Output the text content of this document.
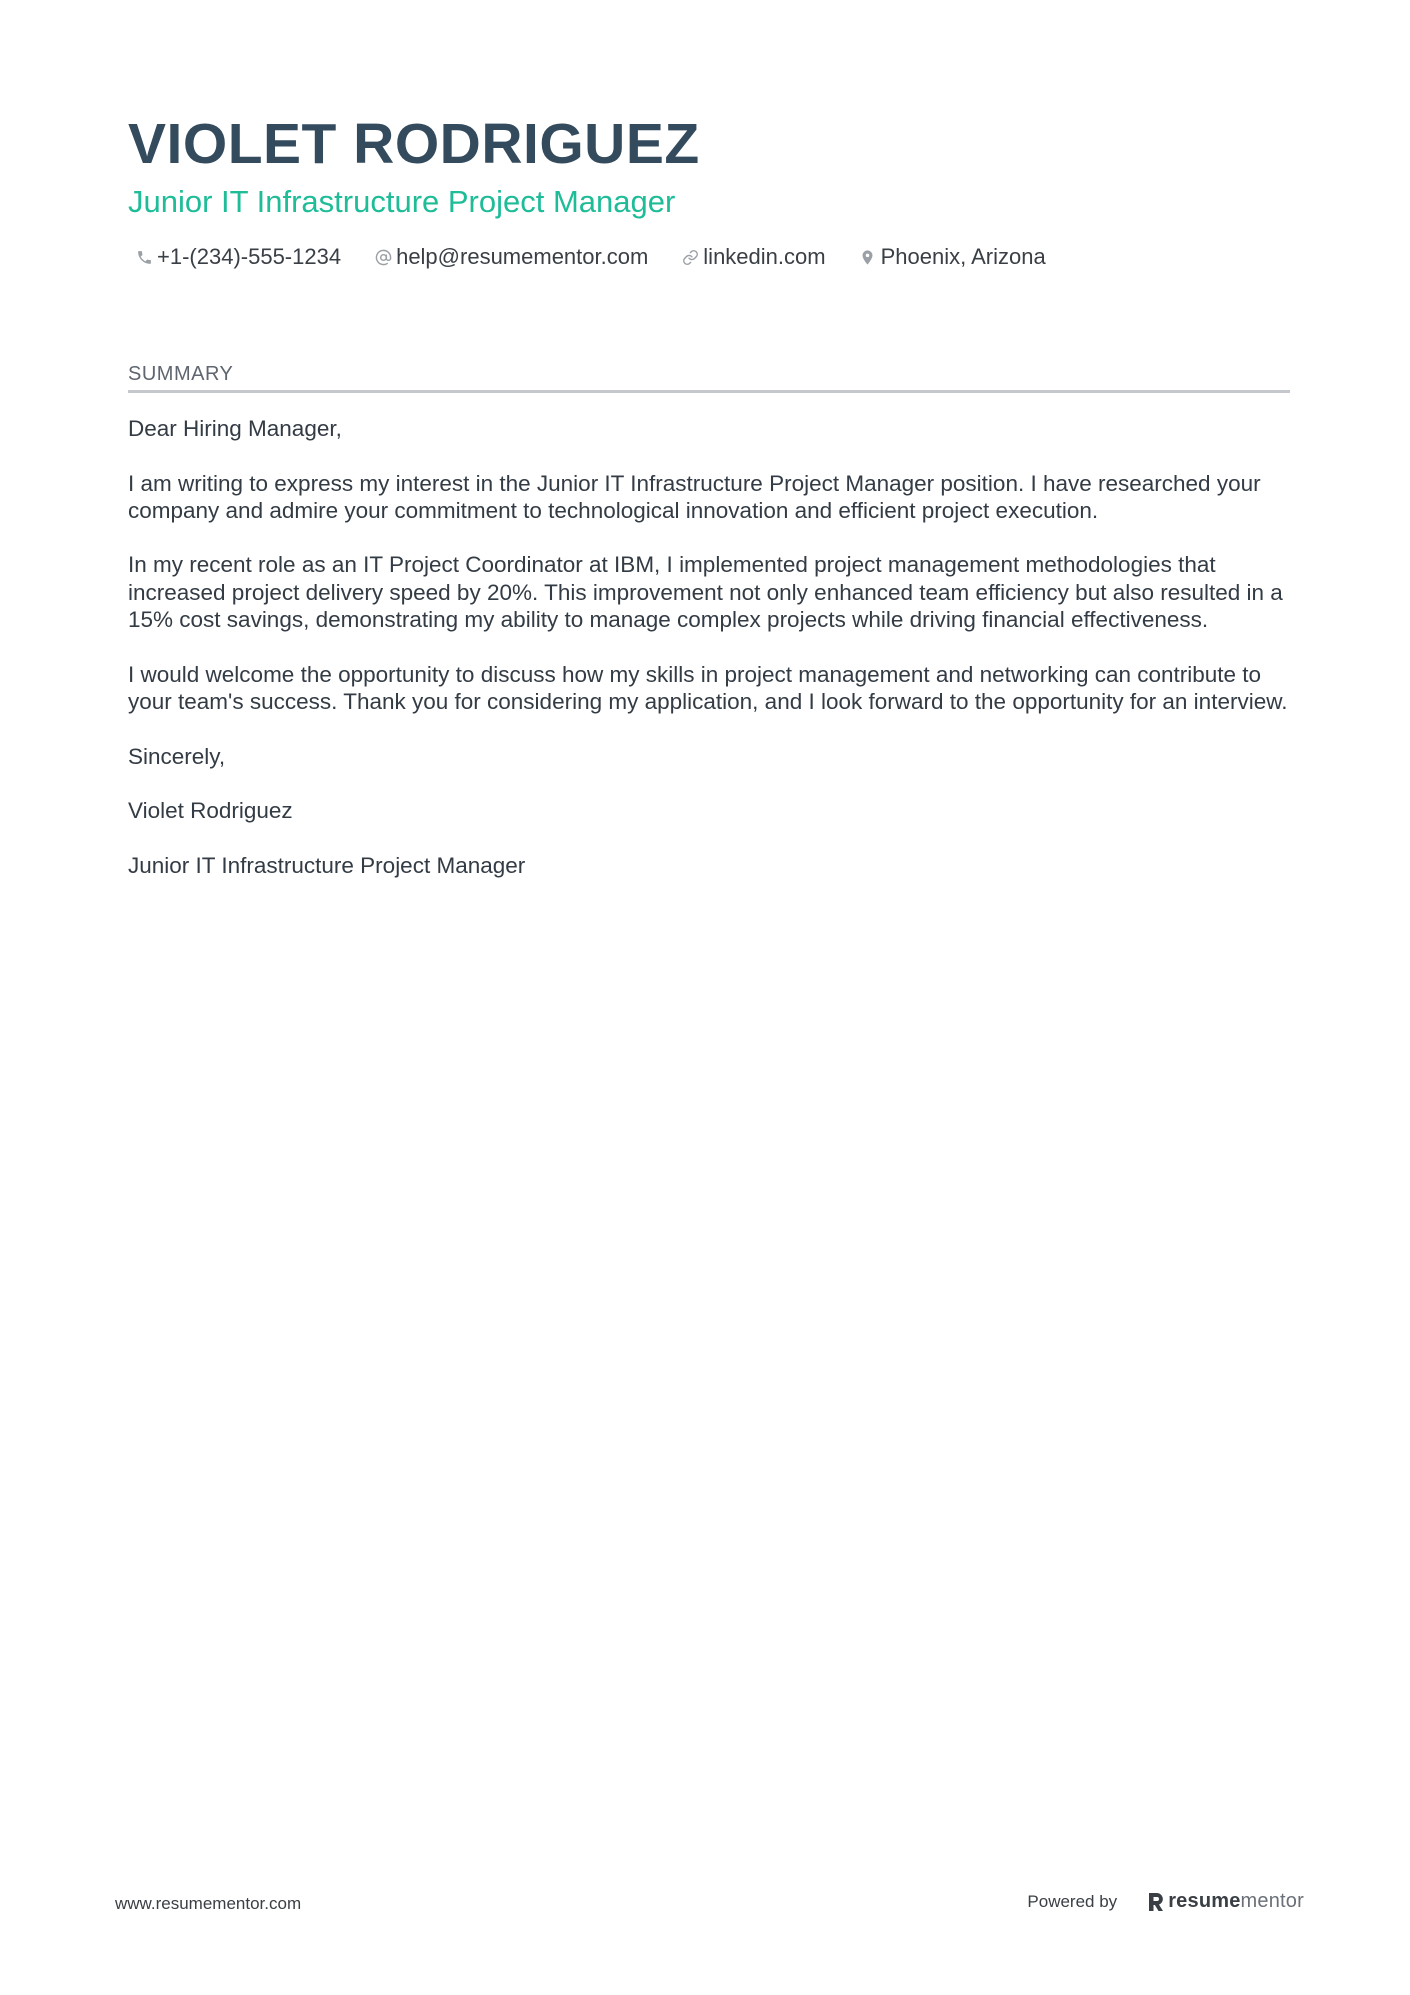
VIOLET RODRIGUEZ
Junior IT Infrastructure Project Manager
+1-(234)-555-1234	help@resumementor.com	linkedin.com	Phoenix, Arizona
SUMMARY

Dear Hiring Manager,

I am writing to express my interest in the Junior IT Infrastructure Project Manager position. I have researched your company and admire your commitment to technological innovation and efficient project execution.

In my recent role as an IT Project Coordinator at IBM, I implemented project management methodologies that increased project delivery speed by 20%. This improvement not only enhanced team efficiency but also resulted in a 15% cost savings, demonstrating my ability to manage complex projects while driving financial effectiveness.

I would welcome the opportunity to discuss how my skills in project management and networking can contribute to your team's success. Thank you for considering my application, and I look forward to the opportunity for an interview.

Sincerely,

Violet Rodriguez

Junior IT Infrastructure Project Manager

www.resumementor.com	Powered by	resume mentor
